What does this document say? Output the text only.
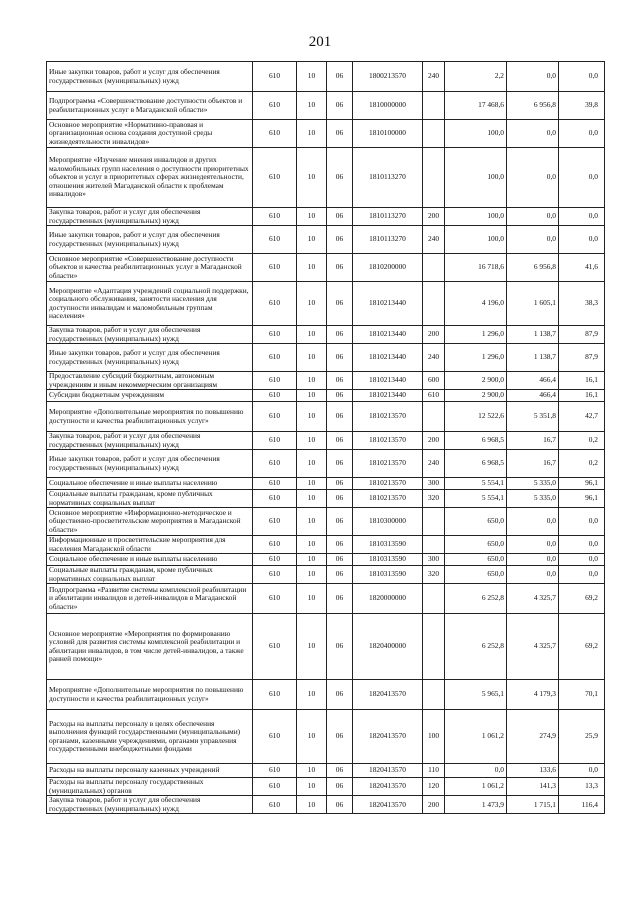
201
Иные закупки товаров, работ и услуг для обеспечения государственных (муниципальных) нужд	610	10	06	1800213570	240	2,2	0,0	0,0
Подпрограмма «Совершенствование доступности объектов и реабилитационных услуг в Магаданской области»	610	10	06	1810000000		17 468,6	6 956,8	39,8
Основное мероприятие «Нормативно-правовая и организационная основа создания доступной среды жизнедеятельности инвалидов»	610	10	06	1810100000		100,0	0,0	0,0
Мероприятие «Изучение мнения инвалидов и других маломобильных групп населения о доступности приоритетных объектов и услуг в приоритетных сферах жизнедеятельности, отношения жителей Магаданской области к проблемам инвалидов»	610	10	06	1810113270		100,0	0,0	0,0
Закупка товаров, работ и услуг для обеспечения государственных (муниципальных) нужд	610	10	06	1810113270	200	100,0	0,0	0,0
Иные закупки товаров, работ и услуг для обеспечения государственных (муниципальных) нужд	610	10	06	1810113270	240	100,0	0,0	0,0
Основное мероприятие «Совершенствование доступности объектов и качества реабилитационных услуг в Магаданской области»	610	10	06	1810200000		16 718,6	6 956,8	41,6
Мероприятие «Адаптация учреждений социальной поддержки, социального обслуживания, занятости населения для доступности инвалидам и маломобильным группам населения»	610	10	06	1810213440		4 196,0	1 605,1	38,3
Закупка товаров, работ и услуг для обеспечения государственных (муниципальных) нужд	610	10	06	1810213440	200	1 296,0	1 138,7	87,9
Иные закупки товаров, работ и услуг для обеспечения государственных (муниципальных) нужд	610	10	06	1810213440	240	1 296,0	1 138,7	87,9
Предоставление субсидий бюджетным, автономным учреждениям и иным некоммерческим организациям	610	10	06	1810213440	600	2 900,0	466,4	16,1
Субсидии бюджетным учреждениям	610	10	06	1810213440	610	2 900,0	466,4	16,1
Мероприятие «Дополнительные мероприятия по повышению доступности и качества реабилитационных услуг»	610	10	06	1810213570		12 522,6	5 351,8	42,7
Закупка товаров, работ и услуг для обеспечения государственных (муниципальных) нужд	610	10	06	1810213570	200	6 968,5	16,7	0,2
Иные закупки товаров, работ и услуг для обеспечения государственных (муниципальных) нужд	610	10	06	1810213570	240	6 968,5	16,7	0,2
Социальное обеспечение и иные выплаты населению	610	10	06	1810213570	300	5 554,1	5 335,0	96,1
Социальные выплаты гражданам, кроме публичных нормативных социальных выплат	610	10	06	1810213570	320	5 554,1	5 335,0	96,1
Основное мероприятие «Информационно-методическое и общественно-просветительские мероприятия в Магаданской области»	610	10	06	1810300000		650,0	0,0	0,0
Информационные и просветительские мероприятия для населения Магаданской области	610	10	06	1810313590		650,0	0,0	0,0
Социальное обеспечение и иные выплаты населению	610	10	06	1810313590	300	650,0	0,0	0,0
Социальные выплаты гражданам, кроме публичных нормативных социальных выплат	610	10	06	1810313590	320	650,0	0,0	0,0
Подпрограмма «Развитие системы комплексной реабилитации и абилитации инвалидов и детей-инвалидов в Магаданской области»	610	10	06	1820000000		6 252,8	4 325,7	69,2
Основное мероприятие «Мероприятия по формированию условий для развития системы комплексной реабилитации и абилитации инвалидов, в том числе детей-инвалидов, а также ранней помощи»	610	10	06	1820400000		6 252,8	4 325,7	69,2
Мероприятие «Дополнительные мероприятия по повышению доступности и качества реабилитационных услуг»	610	10	06	1820413570		5 965,1	4 179,3	70,1
Расходы на выплаты персоналу в целях обеспечения выполнения функций государственными (муниципальными) органами, казенными учреждениями, органами управления государственными внебюджетными фондами	610	10	06	1820413570	100	1 061,2	274,9	25,9
Расходы на выплаты персоналу казенных учреждений	610	10	06	1820413570	110	0,0	133,6	0,0
Расходы на выплаты персоналу государственных (муниципальных) органов	610	10	06	1820413570	120	1 061,2	141,3	13,3
Закупка товаров, работ и услуг для обеспечения государственных (муниципальных) нужд	610	10	06	1820413570	200	1 473,9	1 715,1	116,4
